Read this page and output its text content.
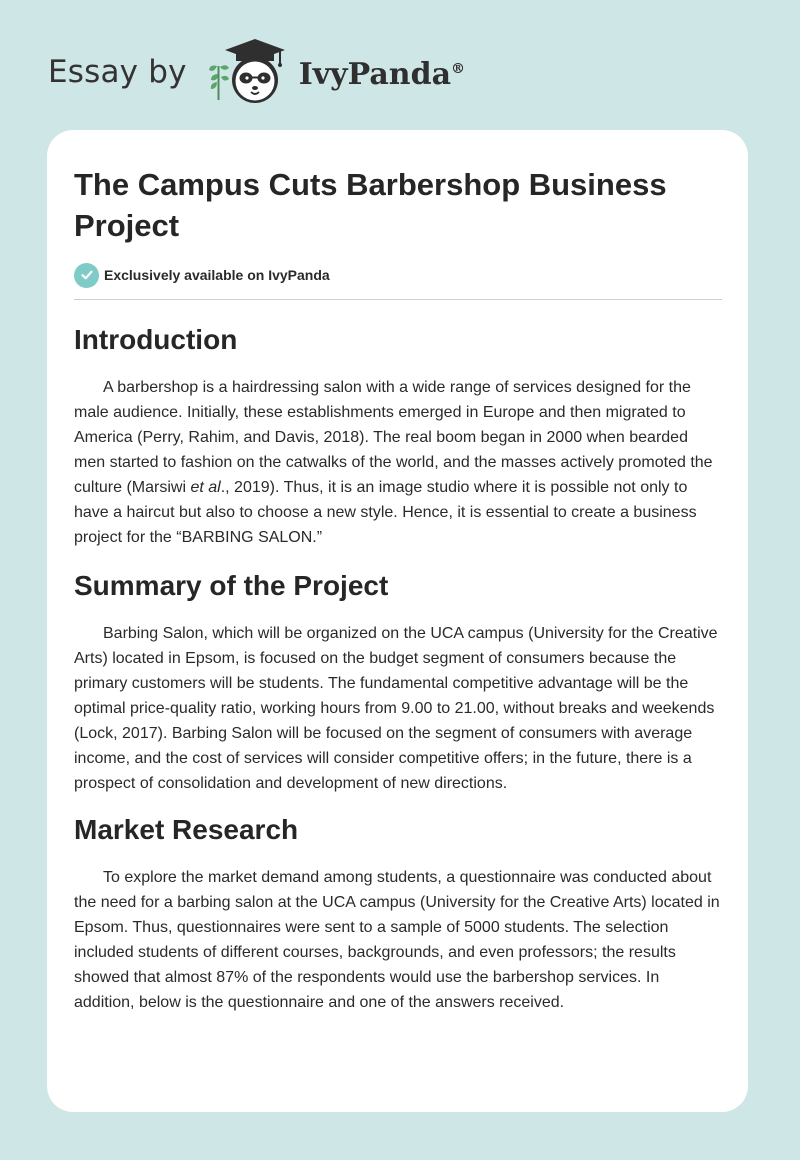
Essay by	IvyPanda®
The Campus Cuts Barbershop Business Project
Exclusively available on IvyPanda
Introduction

A barbershop is a hairdressing salon with a wide range of services designed for the male audience. Initially, these establishments emerged in Europe and then migrated to America (Perry, Rahim, and Davis, 2018). The real boom began in 2000 when bearded men started to fashion on the catwalks of the world, and the masses actively promoted the culture (Marsiwi et al., 2019). Thus, it is an image studio where it is possible not only to have a haircut but also to choose a new style. Hence, it is essential to create a business project for the “BARBING SALON.”

Summary of the Project

Barbing Salon, which will be organized on the UCA campus (University for the Creative Arts) located in Epsom, is focused on the budget segment of consumers because the primary customers will be students. The fundamental competitive advantage will be the optimal price-quality ratio, working hours from 9.00 to 21.00, without breaks and weekends (Lock, 2017). Barbing Salon will be focused on the segment of consumers with average income, and the cost of services will consider competitive offers; in the future, there is a prospect of consolidation and development of new directions.

Market Research

To explore the market demand among students, a questionnaire was conducted about the need for a barbing salon at the UCA campus (University for the Creative Arts) located in Epsom. Thus, questionnaires were sent to a sample of 5000 students. The selection included students of different courses, backgrounds, and even professors; the results showed that almost 87% of the respondents would use the barbershop services. In addition, below is the questionnaire and one of the answers received.
